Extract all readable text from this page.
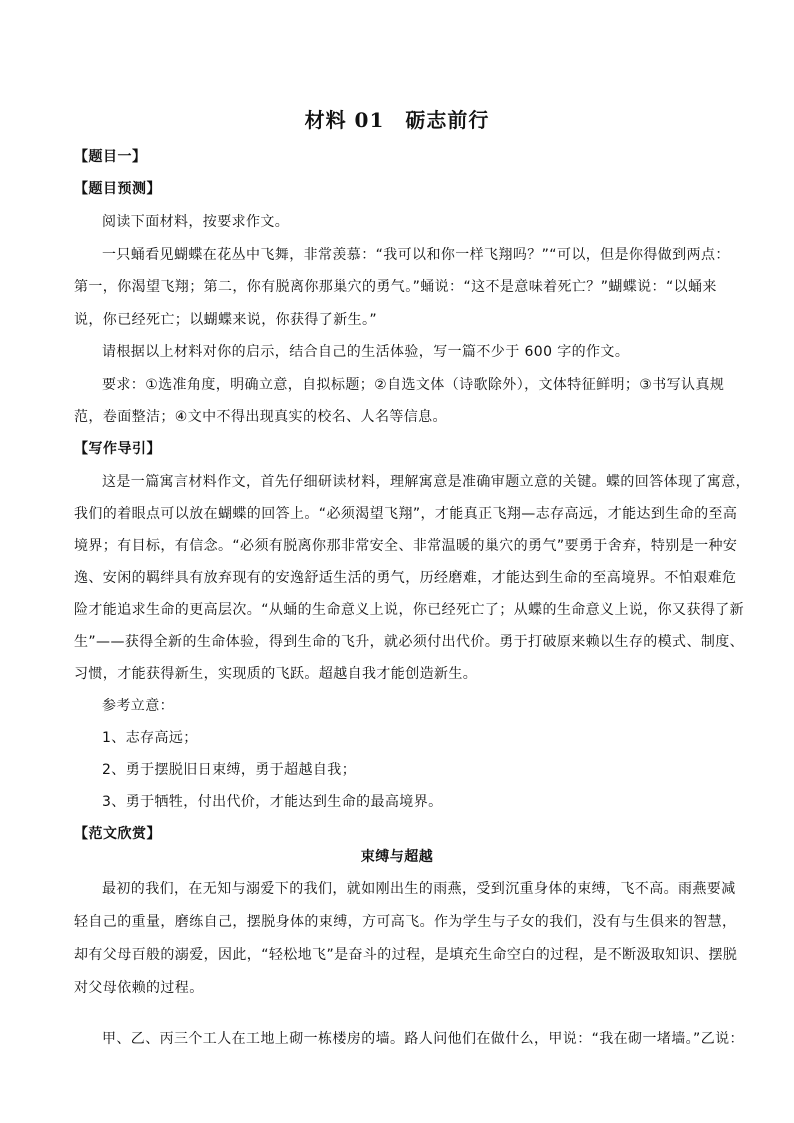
材料 01　砺志前行
【题目一】
【题目预测】
阅读下面材料，按要求作文。
一只蛹看见蝴蝶在花丛中飞舞，非常羡慕：“我可以和你一样飞翔吗？”“可以，但是你得做到两点：
第一，你渴望飞翔；第二，你有脱离你那巢穴的勇气。”蛹说：“这不是意味着死亡？”蝴蝶说：“以蛹来
说，你已经死亡；以蝴蝶来说，你获得了新生。”
请根据以上材料对你的启示，结合自己的生活体验，写一篇不少于 600 字的作文。
要求：①选准角度，明确立意，自拟标题；②自选文体（诗歌除外），文体特征鲜明；③书写认真规
范，卷面整洁；④文中不得出现真实的校名、人名等信息。
【写作导引】
这是一篇寓言材料作文，首先仔细研读材料，理解寓意是准确审题立意的关键。蝶的回答体现了寓意，
我们的着眼点可以放在蝴蝶的回答上。“必须渴望飞翔”，才能真正飞翔—志存高远，才能达到生命的至高
境界；有目标，有信念。“必须有脱离你那非常安全、非常温暖的巢穴的勇气”要勇于舍弃，特别是一种安
逸、安闲的羁绊具有放弃现有的安逸舒适生活的勇气，历经磨难，才能达到生命的至高境界。不怕艰难危
险才能追求生命的更高层次。“从蛹的生命意义上说，你已经死亡了；从蝶的生命意义上说，你又获得了新
生”——获得全新的生命体验，得到生命的飞升，就必须付出代价。勇于打破原来赖以生存的模式、制度、
习惯，才能获得新生，实现质的飞跃。超越自我才能创造新生。
参考立意：
1、志存高远；
2、勇于摆脱旧日束缚，勇于超越自我；
3、勇于牺牲，付出代价，才能达到生命的最高境界。
【范文欣赏】
束缚与超越
最初的我们，在无知与溺爱下的我们，就如刚出生的雨燕，受到沉重身体的束缚，飞不高。雨燕要减
轻自己的重量，磨练自己，摆脱身体的束缚，方可高飞。作为学生与子女的我们，没有与生俱来的智慧，
却有父母百般的溺爱，因此，“轻松地飞”是奋斗的过程，是填充生命空白的过程，是不断汲取知识、摆脱
对父母依赖的过程。
甲、乙、丙三个工人在工地上砌一栋楼房的墙。路人问他们在做什么，甲说：“我在砌一堵墙。”乙说：
